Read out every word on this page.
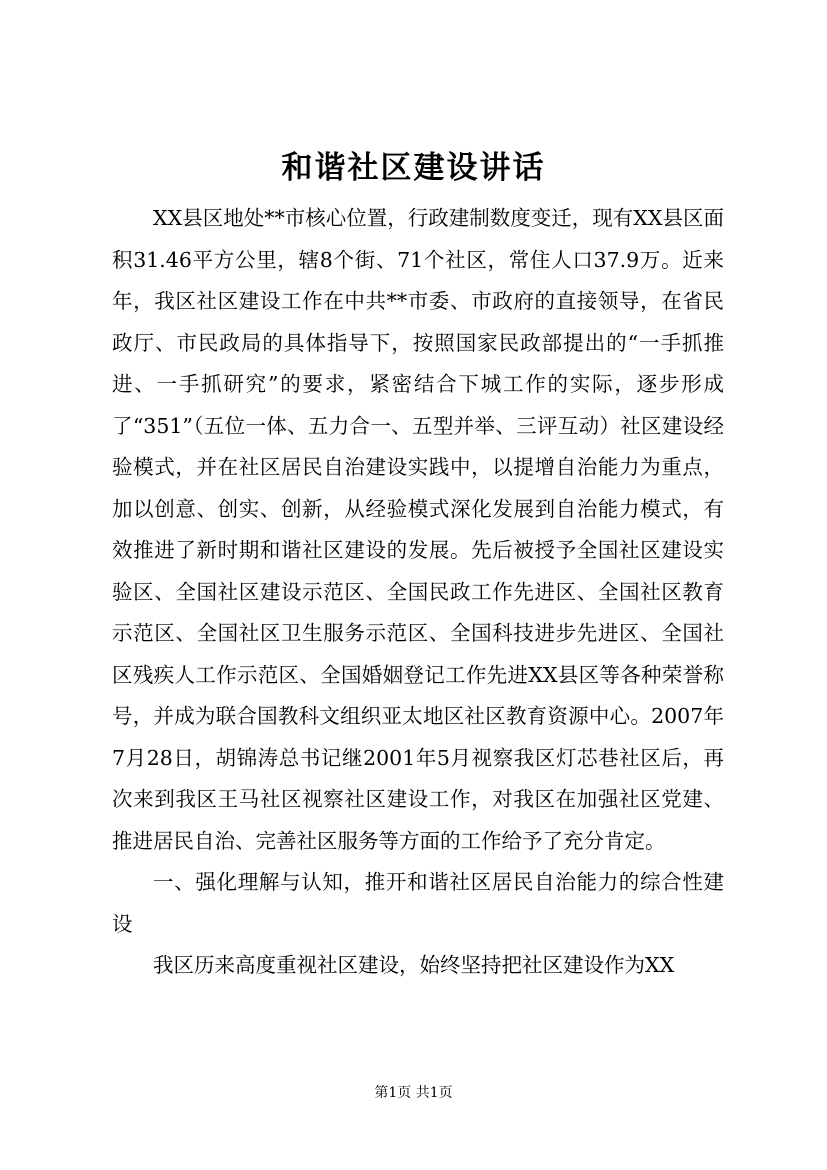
和谐社区建设讲话

XX县区地处**市核心位置，行政建制数度变迁，现有XX县区面积31.46平方公里，辖8个街、71个社区，常住人口37.9万。近来年，我区社区建设工作在中共**市委、市政府的直接领导，在省民政厅、市民政局的具体指导下，按照国家民政部提出的“一手抓推进、一手抓研究”的要求，紧密结合下城工作的实际，逐步形成了“351”（五位一体、五力合一、五型并举、三评互动）社区建设经验模式，并在社区居民自治建设实践中，以提增自治能力为重点，加以创意、创实、创新，从经验模式深化发展到自治能力模式，有效推进了新时期和谐社区建设的发展。先后被授予全国社区建设实验区、全国社区建设示范区、全国民政工作先进区、全国社区教育示范区、全国社区卫生服务示范区、全国科技进步先进区、全国社区残疾人工作示范区、全国婚姻登记工作先进XX县区等各种荣誉称号，并成为联合国教科文组织亚太地区社区教育资源中心。2007年7月28日，胡锦涛总书记继2001年5月视察我区灯芯巷社区后，再次来到我区王马社区视察社区建设工作，对我区在加强社区党建、推进居民自治、完善社区服务等方面的工作给予了充分肯定。

一、强化理解与认知，推开和谐社区居民自治能力的综合性建设

我区历来高度重视社区建设，始终坚持把社区建设作为XX

第1页 共1页
